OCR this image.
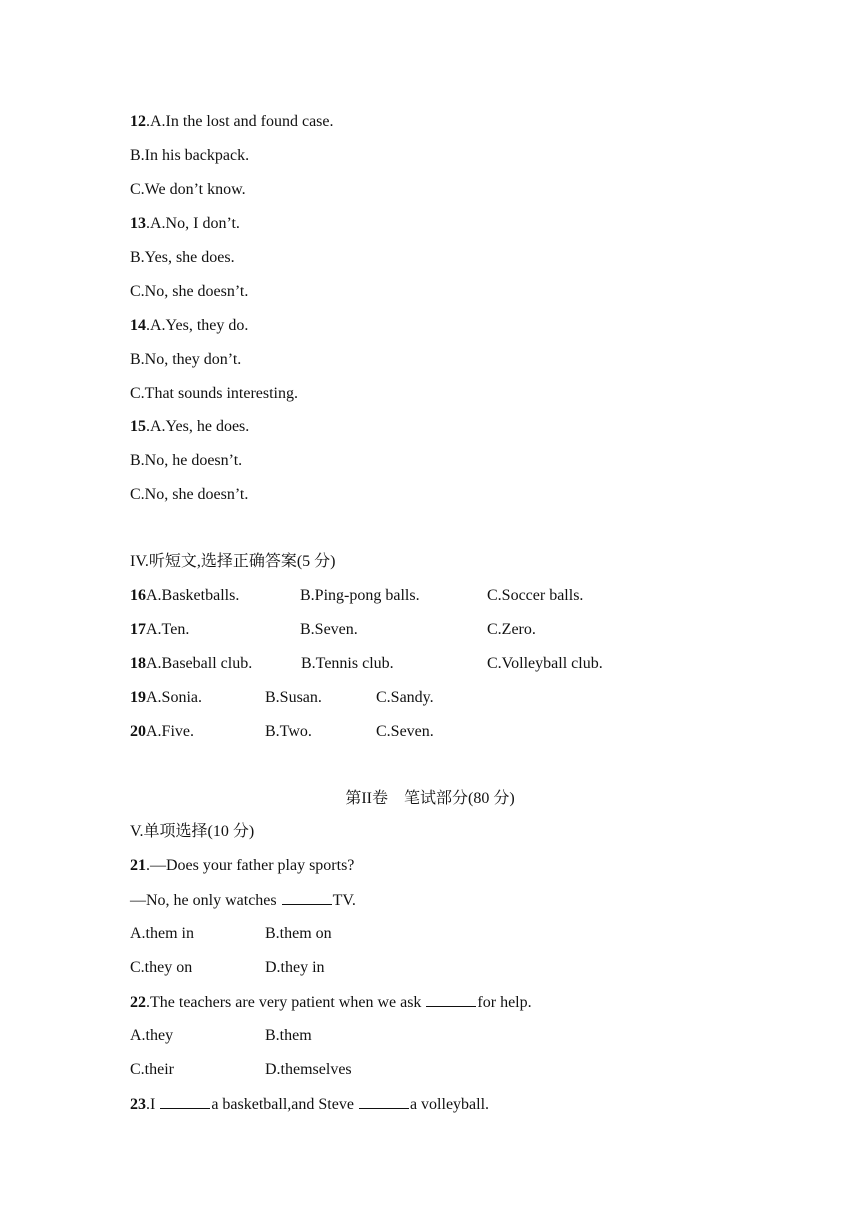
12.A.In the lost and found case.
B.In his backpack.
C.We don’t know.
13.A.No, I don’t.
B.Yes, she does.
C.No, she doesn’t.
14.A.Yes, they do.
B.No, they don’t.
C.That sounds interesting.
15.A.Yes, he does.
B.No, he doesn’t.
C.No, she doesn’t.
IV.听短文,选择正确答案(5 分)
16A.Basketballs.	B.Ping-pong balls.	C.Soccer balls.
17A.Ten.	B.Seven.	C.Zero.
18A.Baseball club.	B.Tennis club.	C.Volleyball club.
19A.Sonia.	B.Susan.	C.Sandy.
20A.Five.	B.Two.	C.Seven.
第II卷    笔试部分(80 分)
V.单项选择(10 分)
21.—Does your father play sports?
—No, he only watches	TV.
A.them in	B.them on
C.they on	D.they in
22.The teachers are very patient when we ask	for help.
A.they	B.them
C.their	D.themselves
23.I	a basketball,and Steve	a volleyball.
